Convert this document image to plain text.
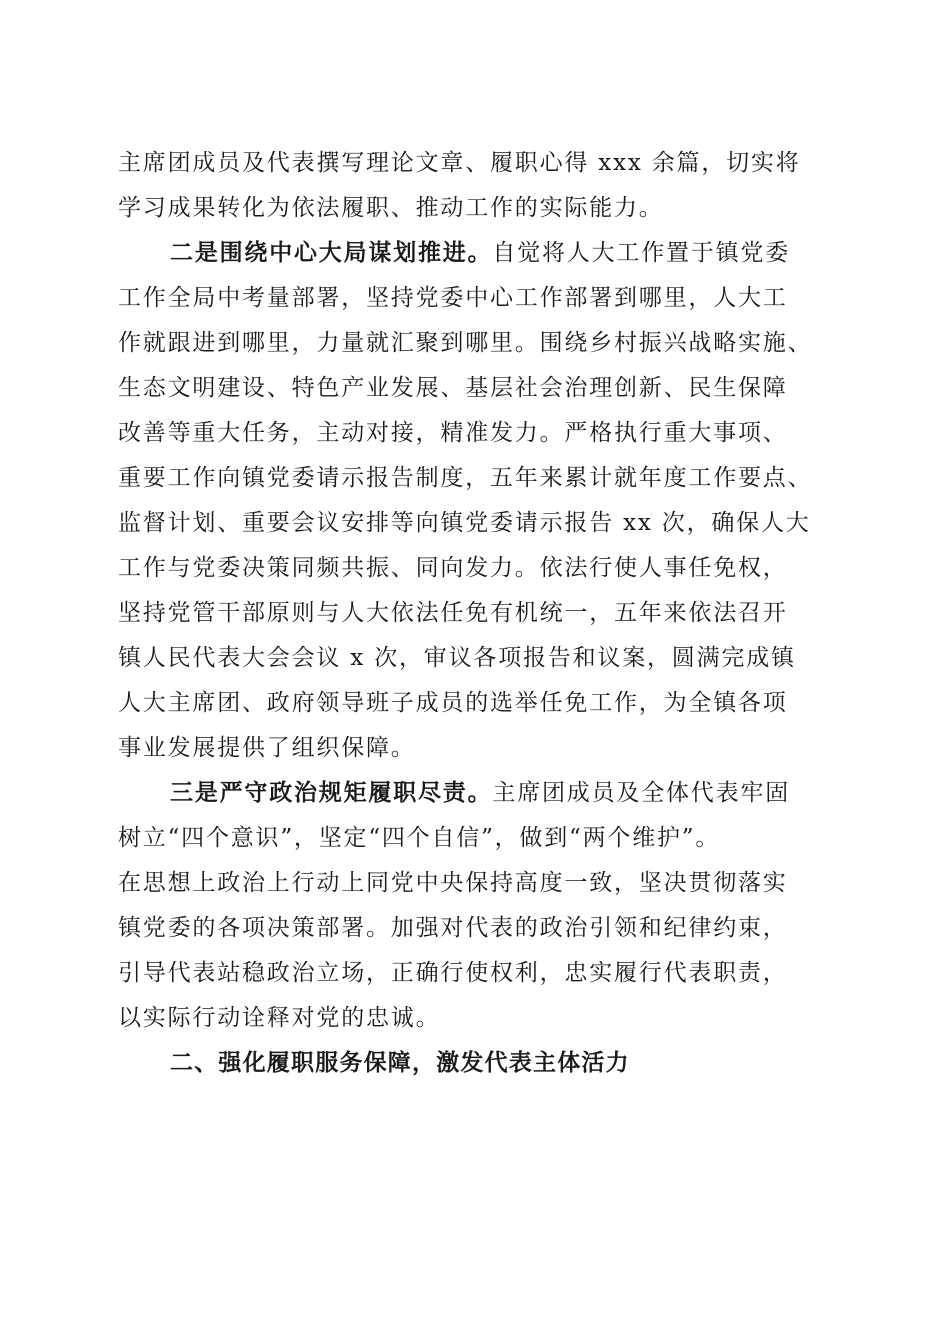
主席团成员及代表撰写理论文章、履职心得 xxx 余篇，切实将

学习成果转化为依法履职、推动工作的实际能力。

二是围绕中心大局谋划推进。自觉将人大工作置于镇党委

工作全局中考量部署，坚持党委中心工作部署到哪里，人大工

作就跟进到哪里，力量就汇聚到哪里。围绕乡村振兴战略实施、

生态文明建设、特色产业发展、基层社会治理创新、民生保障

改善等重大任务，主动对接，精准发力。严格执行重大事项、

重要工作向镇党委请示报告制度，五年来累计就年度工作要点、

监督计划、重要会议安排等向镇党委请示报告 xx 次，确保人大

工作与党委决策同频共振、同向发力。依法行使人事任免权，

坚持党管干部原则与人大依法任免有机统一，五年来依法召开

镇人民代表大会会议 x 次，审议各项报告和议案，圆满完成镇

人大主席团、政府领导班子成员的选举任免工作，为全镇各项

事业发展提供了组织保障。

三是严守政治规矩履职尽责。主席团成员及全体代表牢固

树立“四个意识”，坚定“四个自信”，做到“两个维护”。

在思想上政治上行动上同党中央保持高度一致，坚决贯彻落实

镇党委的各项决策部署。加强对代表的政治引领和纪律约束，

引导代表站稳政治立场，正确行使权利，忠实履行代表职责，

以实际行动诠释对党的忠诚。

二、强化履职服务保障，激发代表主体活力
